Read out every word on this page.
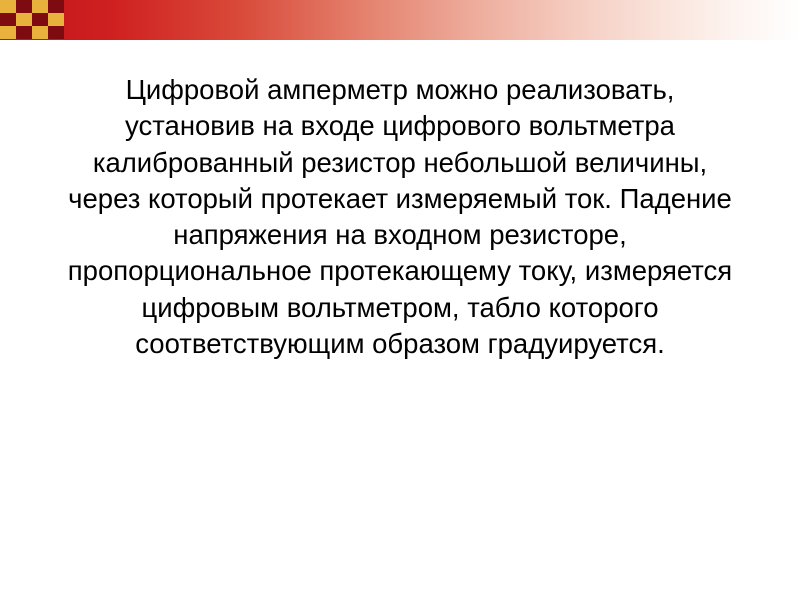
Цифровой амперметр можно реализовать, установив на входе цифрового вольтметра калиброванный резистор небольшой величины, через который протекает измеряемый ток. Падение напряжения на входном резисторе, пропорциональное протекающему току, измеряется цифровым вольтметром, табло которого соответствующим образом градуируется.
